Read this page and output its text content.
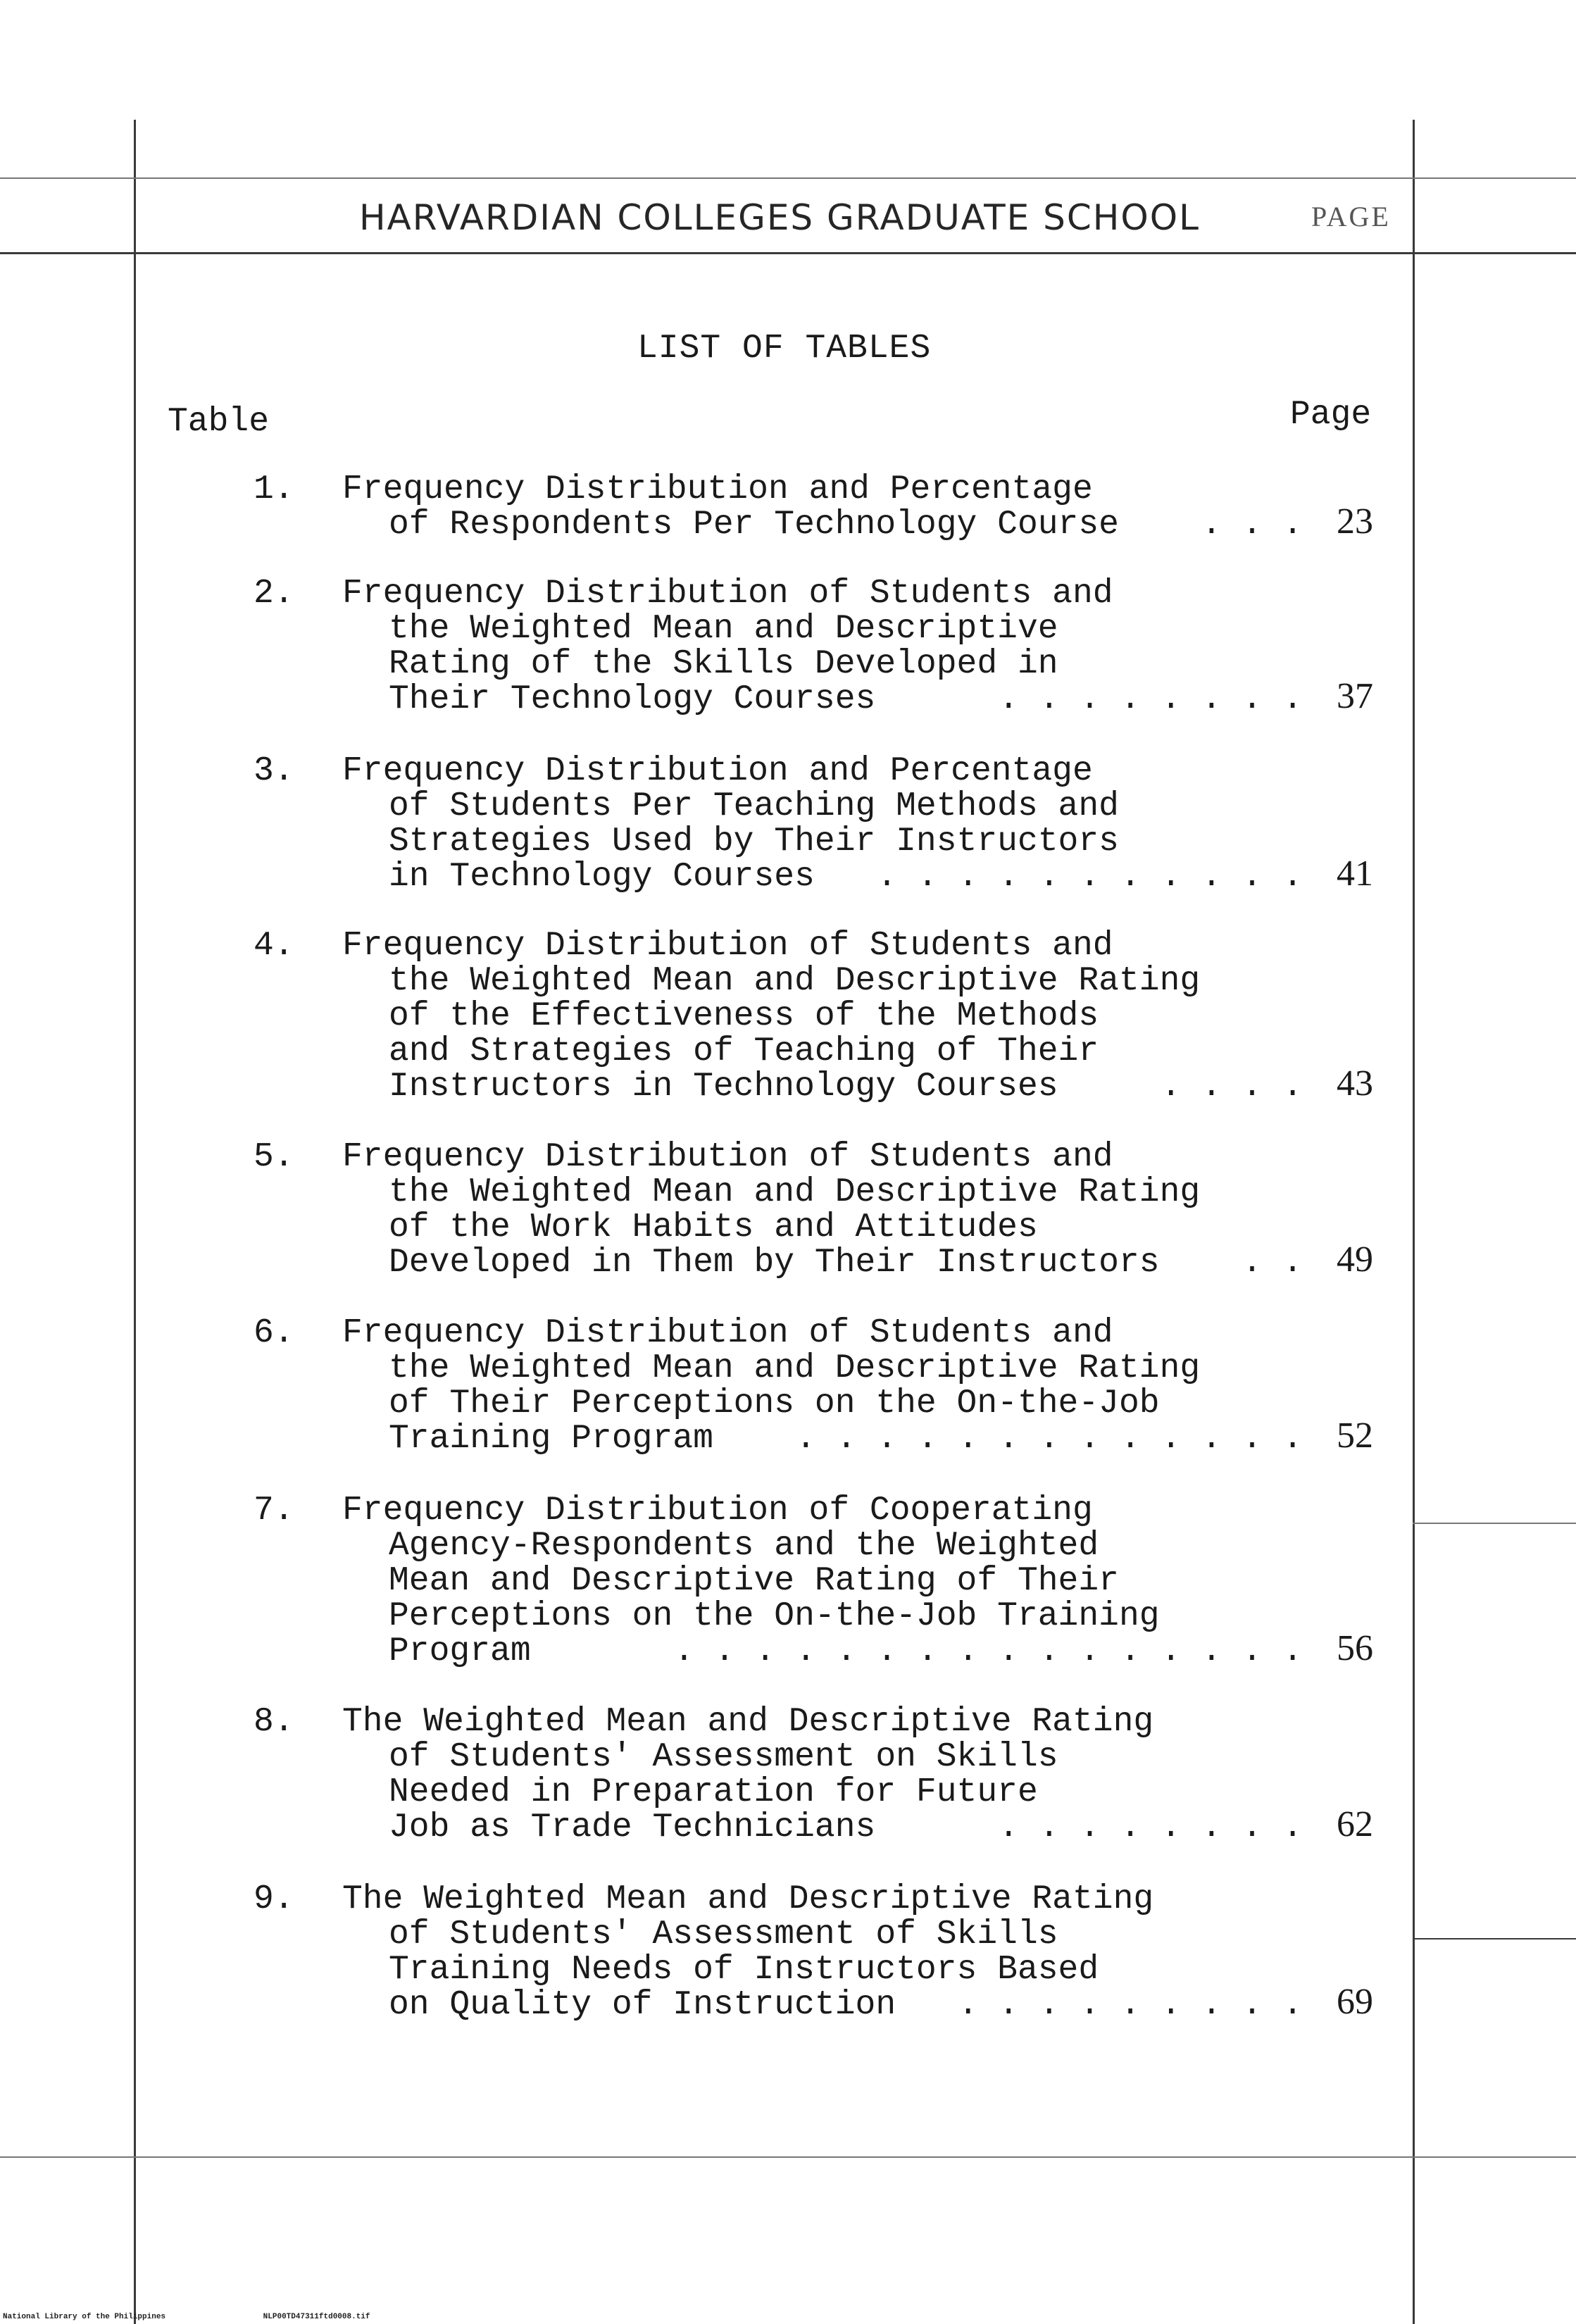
HARVARDIAN COLLEGES GRADUATE SCHOOL	PAGE
LIST OF TABLES
Table	Page
1. Frequency Distribution and Percentage
of Respondents Per Technology Course . . . 23
2. Frequency Distribution of Students and
the Weighted Mean and Descriptive
Rating of the Skills Developed in
Their Technology Courses	. . . . . . . . 37
3. Frequency Distribution and Percentage
of Students Per Teaching Methods and
Strategies Used by Their Instructors
in Technology Courses . . . . . . . . . . . 41
4. Frequency Distribution of Students and
the Weighted Mean and Descriptive Rating
of the Effectiveness of the Methods
and Strategies of Teaching of Their
Instructors in Technology Courses	. . . . 43
5. Frequency Distribution of Students and
the Weighted Mean and Descriptive Rating
of the Work Habits and Attitudes
Developed in Them by Their Instructors . . 49
6. Frequency Distribution of Students and
the Weighted Mean and Descriptive Rating
of Their Perceptions on the On-the-Job
Training Program . . . . . . . . . . . . . 52
7. Frequency Distribution of Cooperating
Agency-Respondents and the Weighted
Mean and Descriptive Rating of Their
Perceptions on the On-the-Job Training
Program	. . . . . . . . . . . . . . . . 56
8. The Weighted Mean and Descriptive Rating
of Students' Assessment on Skills
Needed in Preparation for Future
Job as Trade Technicians	. . . . . . . . 62
9. The Weighted Mean and Descriptive Rating
of Students' Assessment of Skills
Training Needs of Instructors Based
on Quality of Instruction . . . . . . . . . 69
National Library of the Philippines	NLP00TD47311ftd0008.tif
